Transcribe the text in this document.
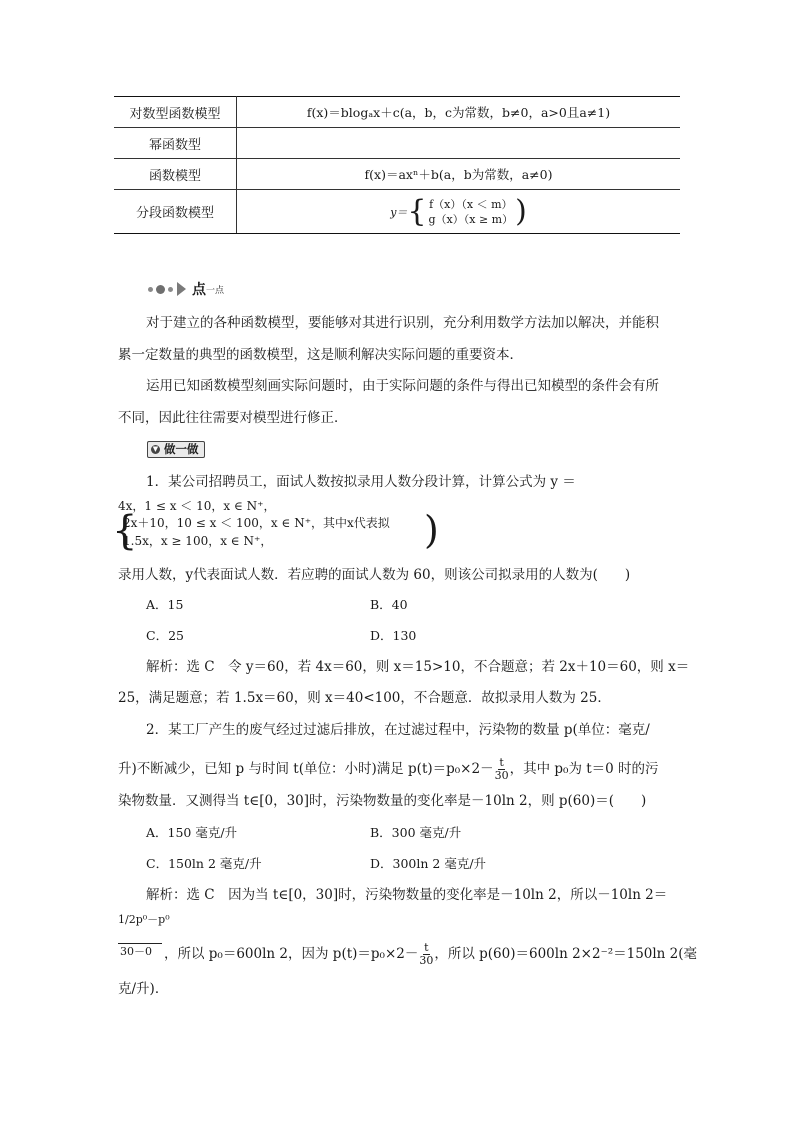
对数型函数模型	f(x)＝blogₐx＋c(a，b，c为常数，b≠0，a>0且a≠1)
幂函数型	
函数模型	f(x)＝axⁿ＋b(a，b为常数，a≠0)
分段函数模型	y＝ { f（x）（x ＜ m）
g（x）（x ≥ m） )
点 一 点
对于建立的各种函数模型，要能够对其进行识别，充分利用数学方法加以解决，并能积
累一定数量的典型的函数模型，这是顺利解决实际问题的重要资本．
运用已知函数模型刻画实际问题时，由于实际问题的条件与得出已知模型的条件会有所
不同，因此往往需要对模型进行修正．
▼ 做一做
1．某公司招聘员工，面试人数按拟录用人数分段计算，计算公式为 y ＝
4x，1 ≤ x ＜ 10，x ∈ N⁺，
{
2x＋10，10 ≤ x ＜ 100，x ∈ N⁺，其中x代表拟
1.5x，x ≥ 100，x ∈ N⁺，	)
录用人数，y代表面试人数．若应聘的面试人数为 60，则该公司拟录用的人数为(　　)
A．15	B．40
C．25	D．130
解析：选 C　令 y＝60，若 4x＝60，则 x＝15>10，不合题意；若 2x＋10＝60，则 x＝
25，满足题意；若 1.5x＝60，则 x＝40<100，不合题意．故拟录用人数为 25．
2．某工厂产生的废气经过过滤后排放，在过滤过程中，污染物的数量 p(单位：毫克/
升)不断减少，已知 p 与时间 t(单位：小时)满足 $p(t)=p_0\times 2- \frac{t}{30}$ ，其中 p₀为 t＝0 时的污
染物数量．又测得当 t∈[0，30]时，污染物数量的变化率是－10ln 2，则 p(60)＝(　　)
A．150 毫克/升	B．300 毫克/升
C．150ln 2 毫克/升	D．300ln 2 毫克/升
解析：选 C　因为当 t∈[0，30]时，污染物数量的变化率是－10ln 2，所以－10ln 2＝
1/2p⁰－p⁰
30－0 ，所以 p₀＝600ln 2，因为 $p(t)=p_0\times 2- \frac{t}{30}$ ，所以 p(60)＝600ln 2×2⁻²＝150ln 2(毫
克/升)．
